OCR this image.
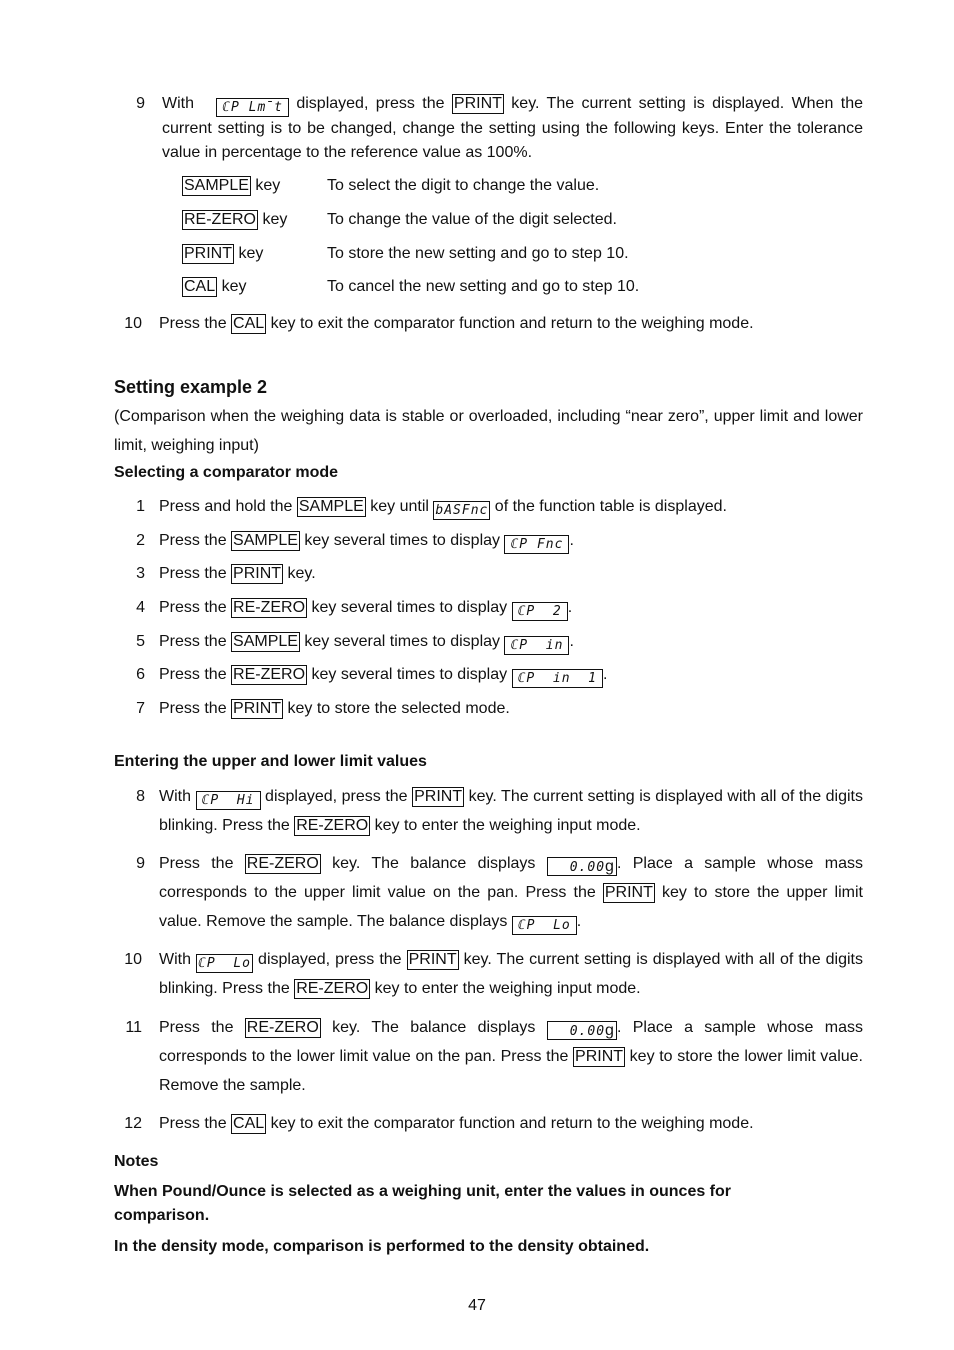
9 With ℂP Lm̄t displayed, press the PRINT key. The current setting is displayed. When the current setting is to be changed, change the setting using the following keys. Enter the tolerance value in percentage to the reference value as 100%.
SAMPLE key	To select the digit to change the value.
RE-ZERO key To change the value of the digit selected.
PRINT key	To store the new setting and go to step 10.
CAL key	To cancel the new setting and go to step 10.
10 Press the CAL key to exit the comparator function and return to the weighing mode.
Setting example 2
(Comparison when the weighing data is stable or overloaded, including “near zero”, upper limit and lower limit, weighing input)
Selecting a comparator mode
1 Press and hold the SAMPLE key until bASFnc of the function table is displayed.
2 Press the SAMPLE key several times to display ℂP Fnc .
3 Press the PRINT key.
4 Press the RE-ZERO key several times to display ℂP  2 .
5 Press the SAMPLE key several times to display ℂP  in .
6 Press the RE-ZERO key several times to display ℂP  in  1 .
7 Press the PRINT key to store the selected mode.
Entering the upper and lower limit values
8 With ℂP  Hi displayed, press the PRINT key. The current setting is displayed with all of the digits blinking. Press the RE-ZERO key to enter the weighing input mode.
9 Press the RE-ZERO key. The balance displays 0.00g . Place a sample whose mass corresponds to the upper limit value on the pan. Press the PRINT key to store the upper limit value. Remove the sample. The balance displays ℂP  Lo .
10 With ℂP  Lo displayed, press the PRINT key. The current setting is displayed with all of the digits blinking. Press the RE-ZERO key to enter the weighing input mode.
11 Press the RE-ZERO key. The balance displays 0.00g . Place a sample whose mass corresponds to the lower limit value on the pan. Press the PRINT key to store the lower limit value. Remove the sample.
12 Press the CAL key to exit the comparator function and return to the weighing mode.
Notes
When Pound/Ounce is selected as a weighing unit, enter the values in ounces for comparison.
In the density mode, comparison is performed to the density obtained.
47
